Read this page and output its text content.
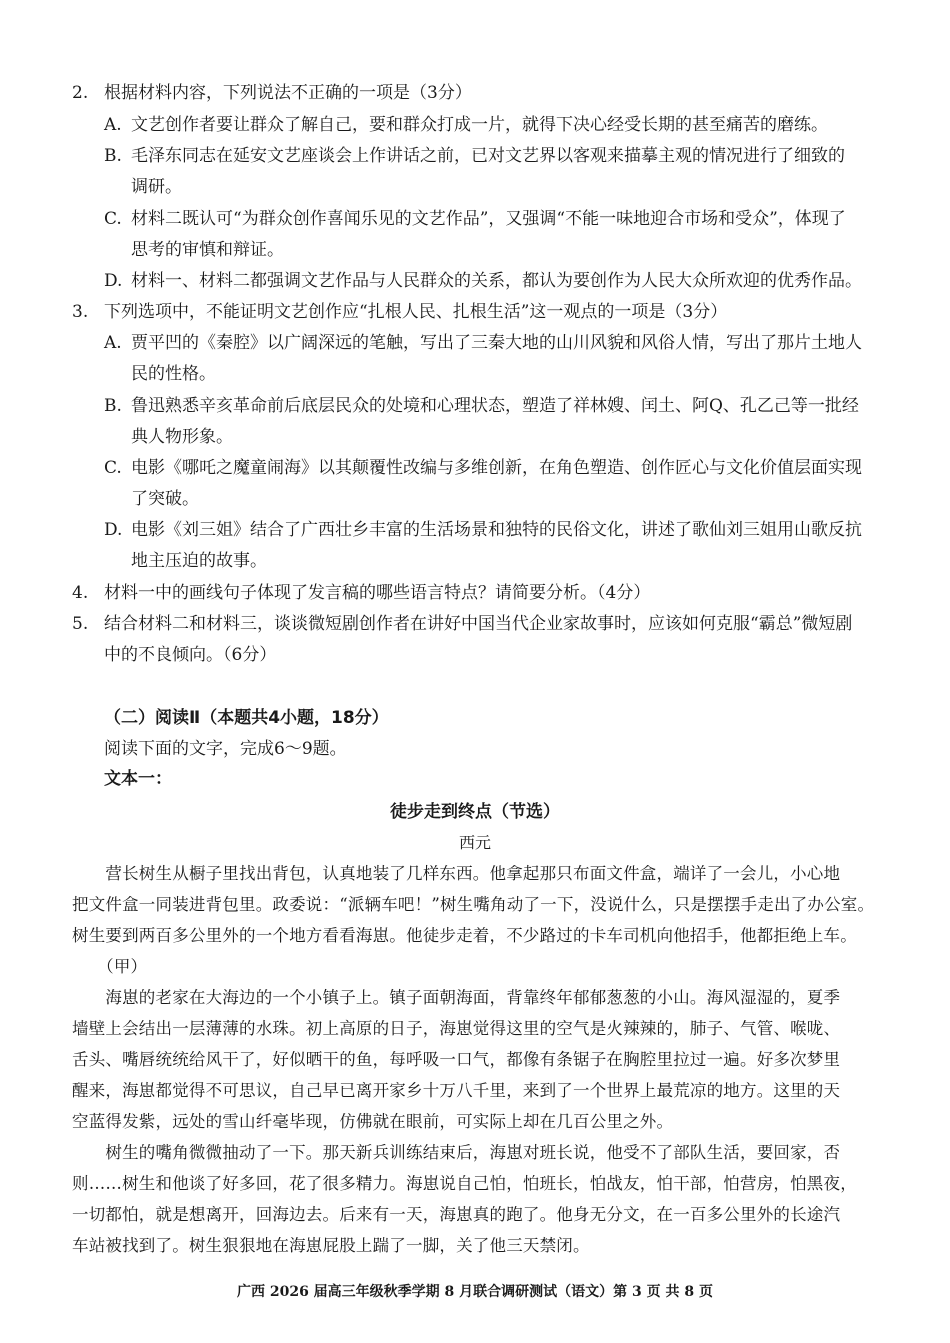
2. 根据材料内容，下列说法不正确的一项是（3分）
A. 文艺创作者要让群众了解自己，要和群众打成一片，就得下决心经受长期的甚至痛苦的磨练。
B. 毛泽东同志在延安文艺座谈会上作讲话之前，已对文艺界以客观来描摹主观的情况进行了细致的
调研。
C. 材料二既认可“为群众创作喜闻乐见的文艺作品”，又强调“不能一味地迎合市场和受众”，体现了
思考的审慎和辩证。
D. 材料一、材料二都强调文艺作品与人民群众的关系，都认为要创作为人民大众所欢迎的优秀作品。
3. 下列选项中，不能证明文艺创作应“扎根人民、扎根生活”这一观点的一项是（3分）
A. 贾平凹的《秦腔》以广阔深远的笔触，写出了三秦大地的山川风貌和风俗人情，写出了那片土地人
民的性格。
B. 鲁迅熟悉辛亥革命前后底层民众的处境和心理状态，塑造了祥林嫂、闰土、阿Q、孔乙己等一批经
典人物形象。
C. 电影《哪吒之魔童闹海》以其颠覆性改编与多维创新，在角色塑造、创作匠心与文化价值层面实现
了突破。
D. 电影《刘三姐》结合了广西壮乡丰富的生活场景和独特的民俗文化，讲述了歌仙刘三姐用山歌反抗
地主压迫的故事。
4. 材料一中的画线句子体现了发言稿的哪些语言特点？请简要分析。（4分）
5. 结合材料二和材料三，谈谈微短剧创作者在讲好中国当代企业家故事时，应该如何克服“霸总”微短剧
中的不良倾向。（6分）
（二）阅读Ⅱ（本题共4小题，18分）
阅读下面的文字，完成6～9题。
文本一：
徒步走到终点（节选）
西元
　　营长树生从橱子里找出背包，认真地装了几样东西。他拿起那只布面文件盒，端详了一会儿，小心地
把文件盒一同装进背包里。政委说：“派辆车吧！”树生嘴角动了一下，没说什么，只是摆摆手走出了办公室。
树生要到两百多公里外的一个地方看看海崽。他徒步走着，不少路过的卡车司机向他招手，他都拒绝上车。
　　（甲）
　　海崽的老家在大海边的一个小镇子上。镇子面朝海面，背靠终年郁郁葱葱的小山。海风湿湿的，夏季
墙壁上会结出一层薄薄的水珠。初上高原的日子，海崽觉得这里的空气是火辣辣的，肺子、气管、喉咙、
舌头、嘴唇统统给风干了，好似晒干的鱼，每呼吸一口气，都像有条锯子在胸腔里拉过一遍。好多次梦里
醒来，海崽都觉得不可思议，自己早已离开家乡十万八千里，来到了一个世界上最荒凉的地方。这里的天
空蓝得发紫，远处的雪山纤毫毕现，仿佛就在眼前，可实际上却在几百公里之外。
　　树生的嘴角微微抽动了一下。那天新兵训练结束后，海崽对班长说，他受不了部队生活，要回家，否
则……树生和他谈了好多回，花了很多精力。海崽说自己怕，怕班长，怕战友，怕干部，怕营房，怕黑夜，
一切都怕，就是想离开，回海边去。后来有一天，海崽真的跑了。他身无分文，在一百多公里外的长途汽
车站被找到了。树生狠狠地在海崽屁股上踹了一脚，关了他三天禁闭。
广西 2026 届高三年级秋季学期 8 月联合调研测试（语文）第 3 页 共 8 页
